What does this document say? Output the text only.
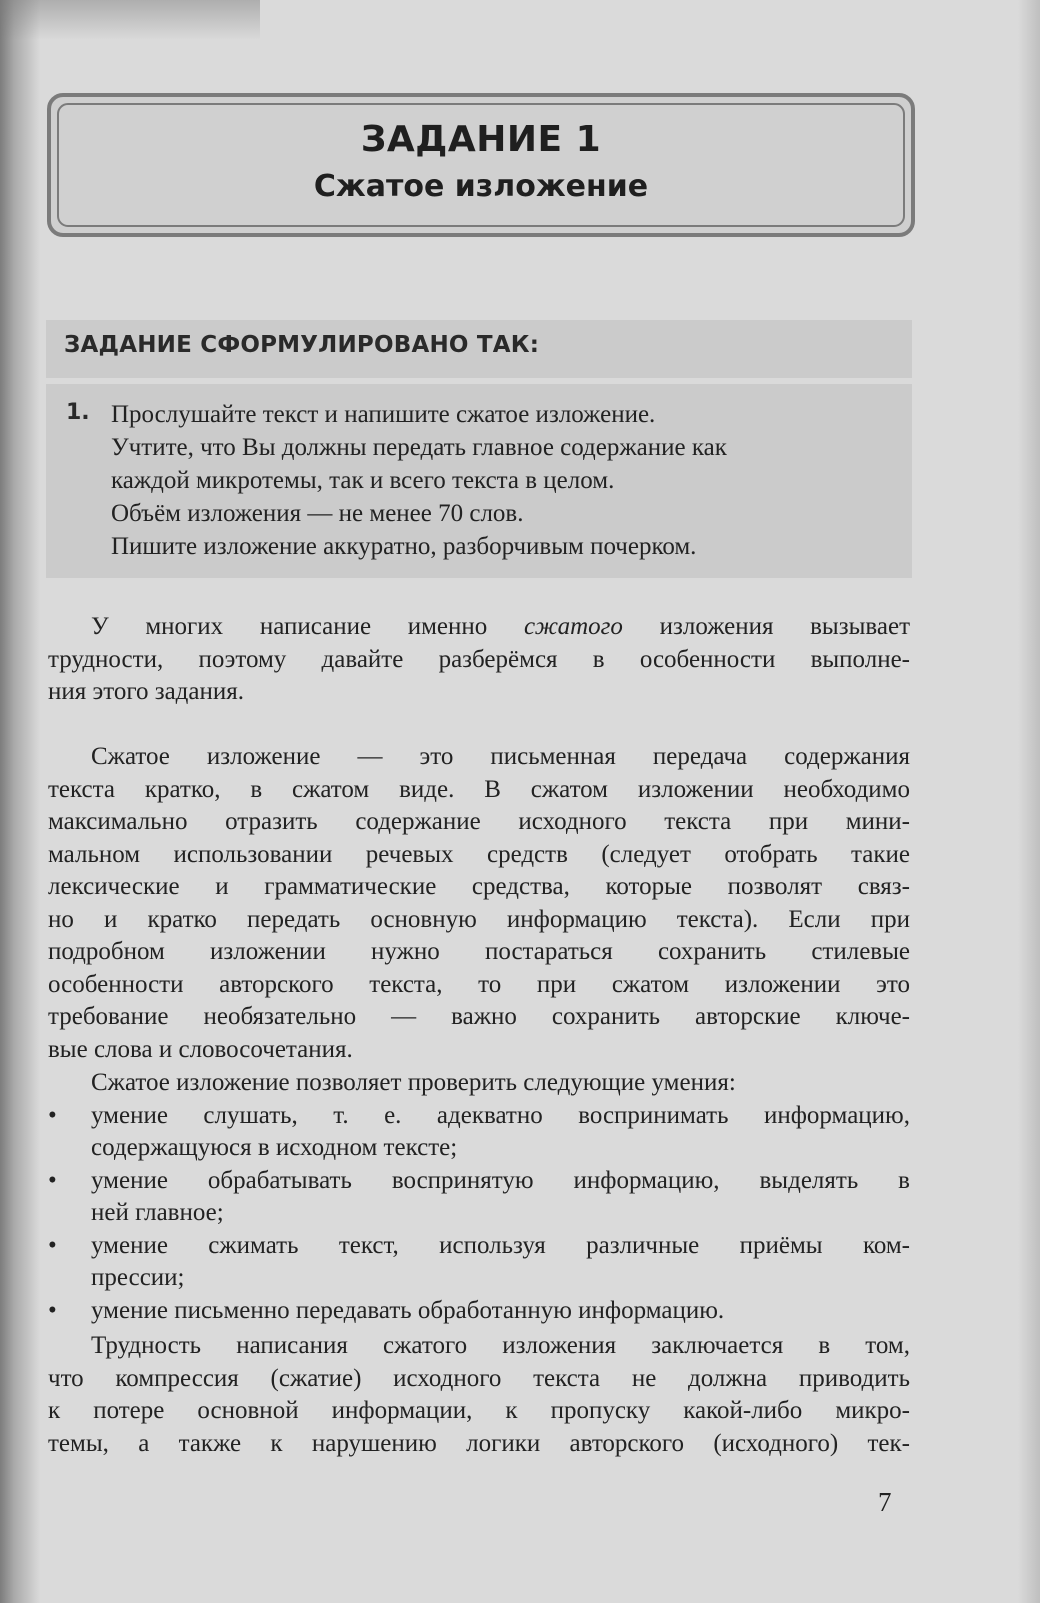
ЗАДАНИЕ 1
Сжатое изложение
ЗАДАНИЕ СФОРМУЛИРОВАНО ТАК:
1. Прослушайте текст и напишите сжатое изложение.
Учтите, что Вы должны передать главное содержание как
каждой микротемы, так и всего текста в целом.
Объём изложения — не менее 70 слов.
Пишите изложение аккуратно, разборчивым почерком.
У многих написание именно сжатого изложения вызывает
трудности, поэтому давайте разберёмся в особенности выполне-
ния этого задания.
Сжатое изложение — это письменная передача содержания
текста кратко, в сжатом виде. В сжатом изложении необходимо
максимально отразить содержание исходного текста при мини-
мальном использовании речевых средств (следует отобрать такие
лексические и грамматические средства, которые позволят связ-
но и кратко передать основную информацию текста). Если при
подробном изложении нужно постараться сохранить стилевые
особенности авторского текста, то при сжатом изложении это
требование необязательно — важно сохранить авторские ключе-
вые слова и словосочетания.
Сжатое изложение позволяет проверить следующие умения:
•	умение слушать, т. е. адекватно воспринимать информацию,
содержащуюся в исходном тексте;
•	умение обрабатывать воспринятую информацию, выделять в
ней главное;
•	умение сжимать текст, используя различные приёмы ком-
прессии;
•	умение письменно передавать обработанную информацию.
Трудность написания сжатого изложения заключается в том,
что компрессия (сжатие) исходного текста не должна приводить
к потере основной информации, к пропуску какой-либо микро-
темы, а также к нарушению логики авторского (исходного) тек-
7
